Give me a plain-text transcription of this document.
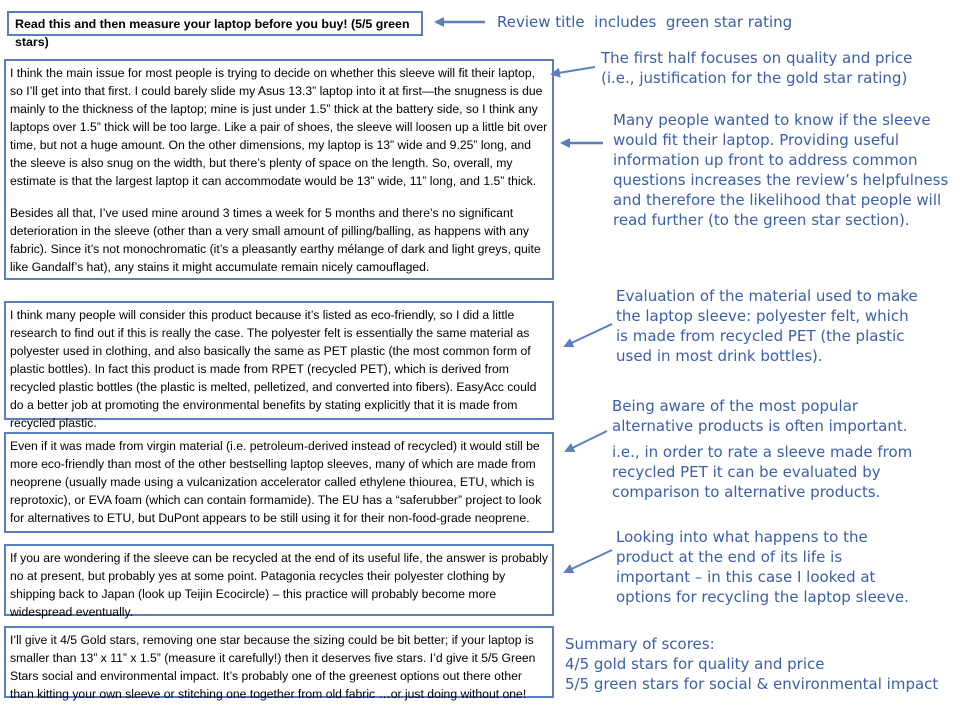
Read this and then measure your laptop before you buy! (5/5 green stars)

I think the main issue for most people is trying to decide on whether this sleeve will fit their laptop, so I’ll get into that first. I could barely slide my Asus 13.3” laptop into it at first—the snugness is due mainly to the thickness of the laptop; mine is just under 1.5” thick at the battery side, so I think any laptops over 1.5” thick will be too large. Like a pair of shoes, the sleeve will loosen up a little bit over time, but not a huge amount. On the other dimensions, my laptop is 13” wide and 9.25” long, and the sleeve is also snug on the width, but there’s plenty of space on the length. So, overall, my estimate is that the largest laptop it can accommodate would be 13” wide, 11” long, and 1.5” thick.

Besides all that, I’ve used mine around 3 times a week for 5 months and there’s no significant deterioration in the sleeve (other than a very small amount of pilling/balling, as happens with any fabric). Since it’s not monochromatic (it’s a pleasantly earthy mélange of dark and light greys, quite like Gandalf’s hat), any stains it might accumulate remain nicely camouflaged.

I think many people will consider this product because it’s listed as eco-friendly, so I did a little research to find out if this is really the case. The polyester felt is essentially the same material as polyester used in clothing, and also basically the same as PET plastic (the most common form of plastic bottles). In fact this product is made from RPET (recycled PET), which is derived from recycled plastic bottles (the plastic is melted, pelletized, and converted into fibers). EasyAcc could do a better job at promoting the environmental benefits by stating explicitly that it is made from recycled plastic.

Even if it was made from virgin material (i.e. petroleum-derived instead of recycled) it would still be more eco-friendly than most of the other bestselling laptop sleeves, many of which are made from neoprene (usually made using a vulcanization accelerator called ethylene thiourea, ETU, which is reprotoxic), or EVA foam (which can contain formamide). The EU has a “saferubber” project to look for alternatives to ETU, but DuPont appears to be still using it for their non-food-grade neoprene.

If you are wondering if the sleeve can be recycled at the end of its useful life, the answer is probably no at present, but probably yes at some point. Patagonia recycles their polyester clothing by shipping back to Japan (look up Teijin Ecocircle) – this practice will probably become more widespread eventually.

I’ll give it 4/5 Gold stars, removing one star because the sizing could be bit better; if your laptop is smaller than 13” x 11” x 1.5” (measure it carefully!) then it deserves five stars. I’d give it 5/5 Green Stars social and environmental impact. It’s probably one of the greenest options out there other than kitting your own sleeve or stitching one together from old fabric …or just doing without one!

Review title  includes  green star rating
The first half focuses on quality and price
(i.e., justification for the gold star rating)
Many people wanted to know if the sleeve
would fit their laptop. Providing useful
information up front to address common
questions increases the review’s helpfulness
and therefore the likelihood that people will
read further (to the green star section).
Evaluation of the material used to make
the laptop sleeve: polyester felt, which
is made from recycled PET (the plastic
used in most drink bottles).
Being aware of the most popular
alternative products is often important.
i.e., in order to rate a sleeve made from
recycled PET it can be evaluated by
comparison to alternative products.
Looking into what happens to the
product at the end of its life is
important – in this case I looked at
options for recycling the laptop sleeve.
Summary of scores:
4/5 gold stars for quality and price
5/5 green stars for social & environmental impact
